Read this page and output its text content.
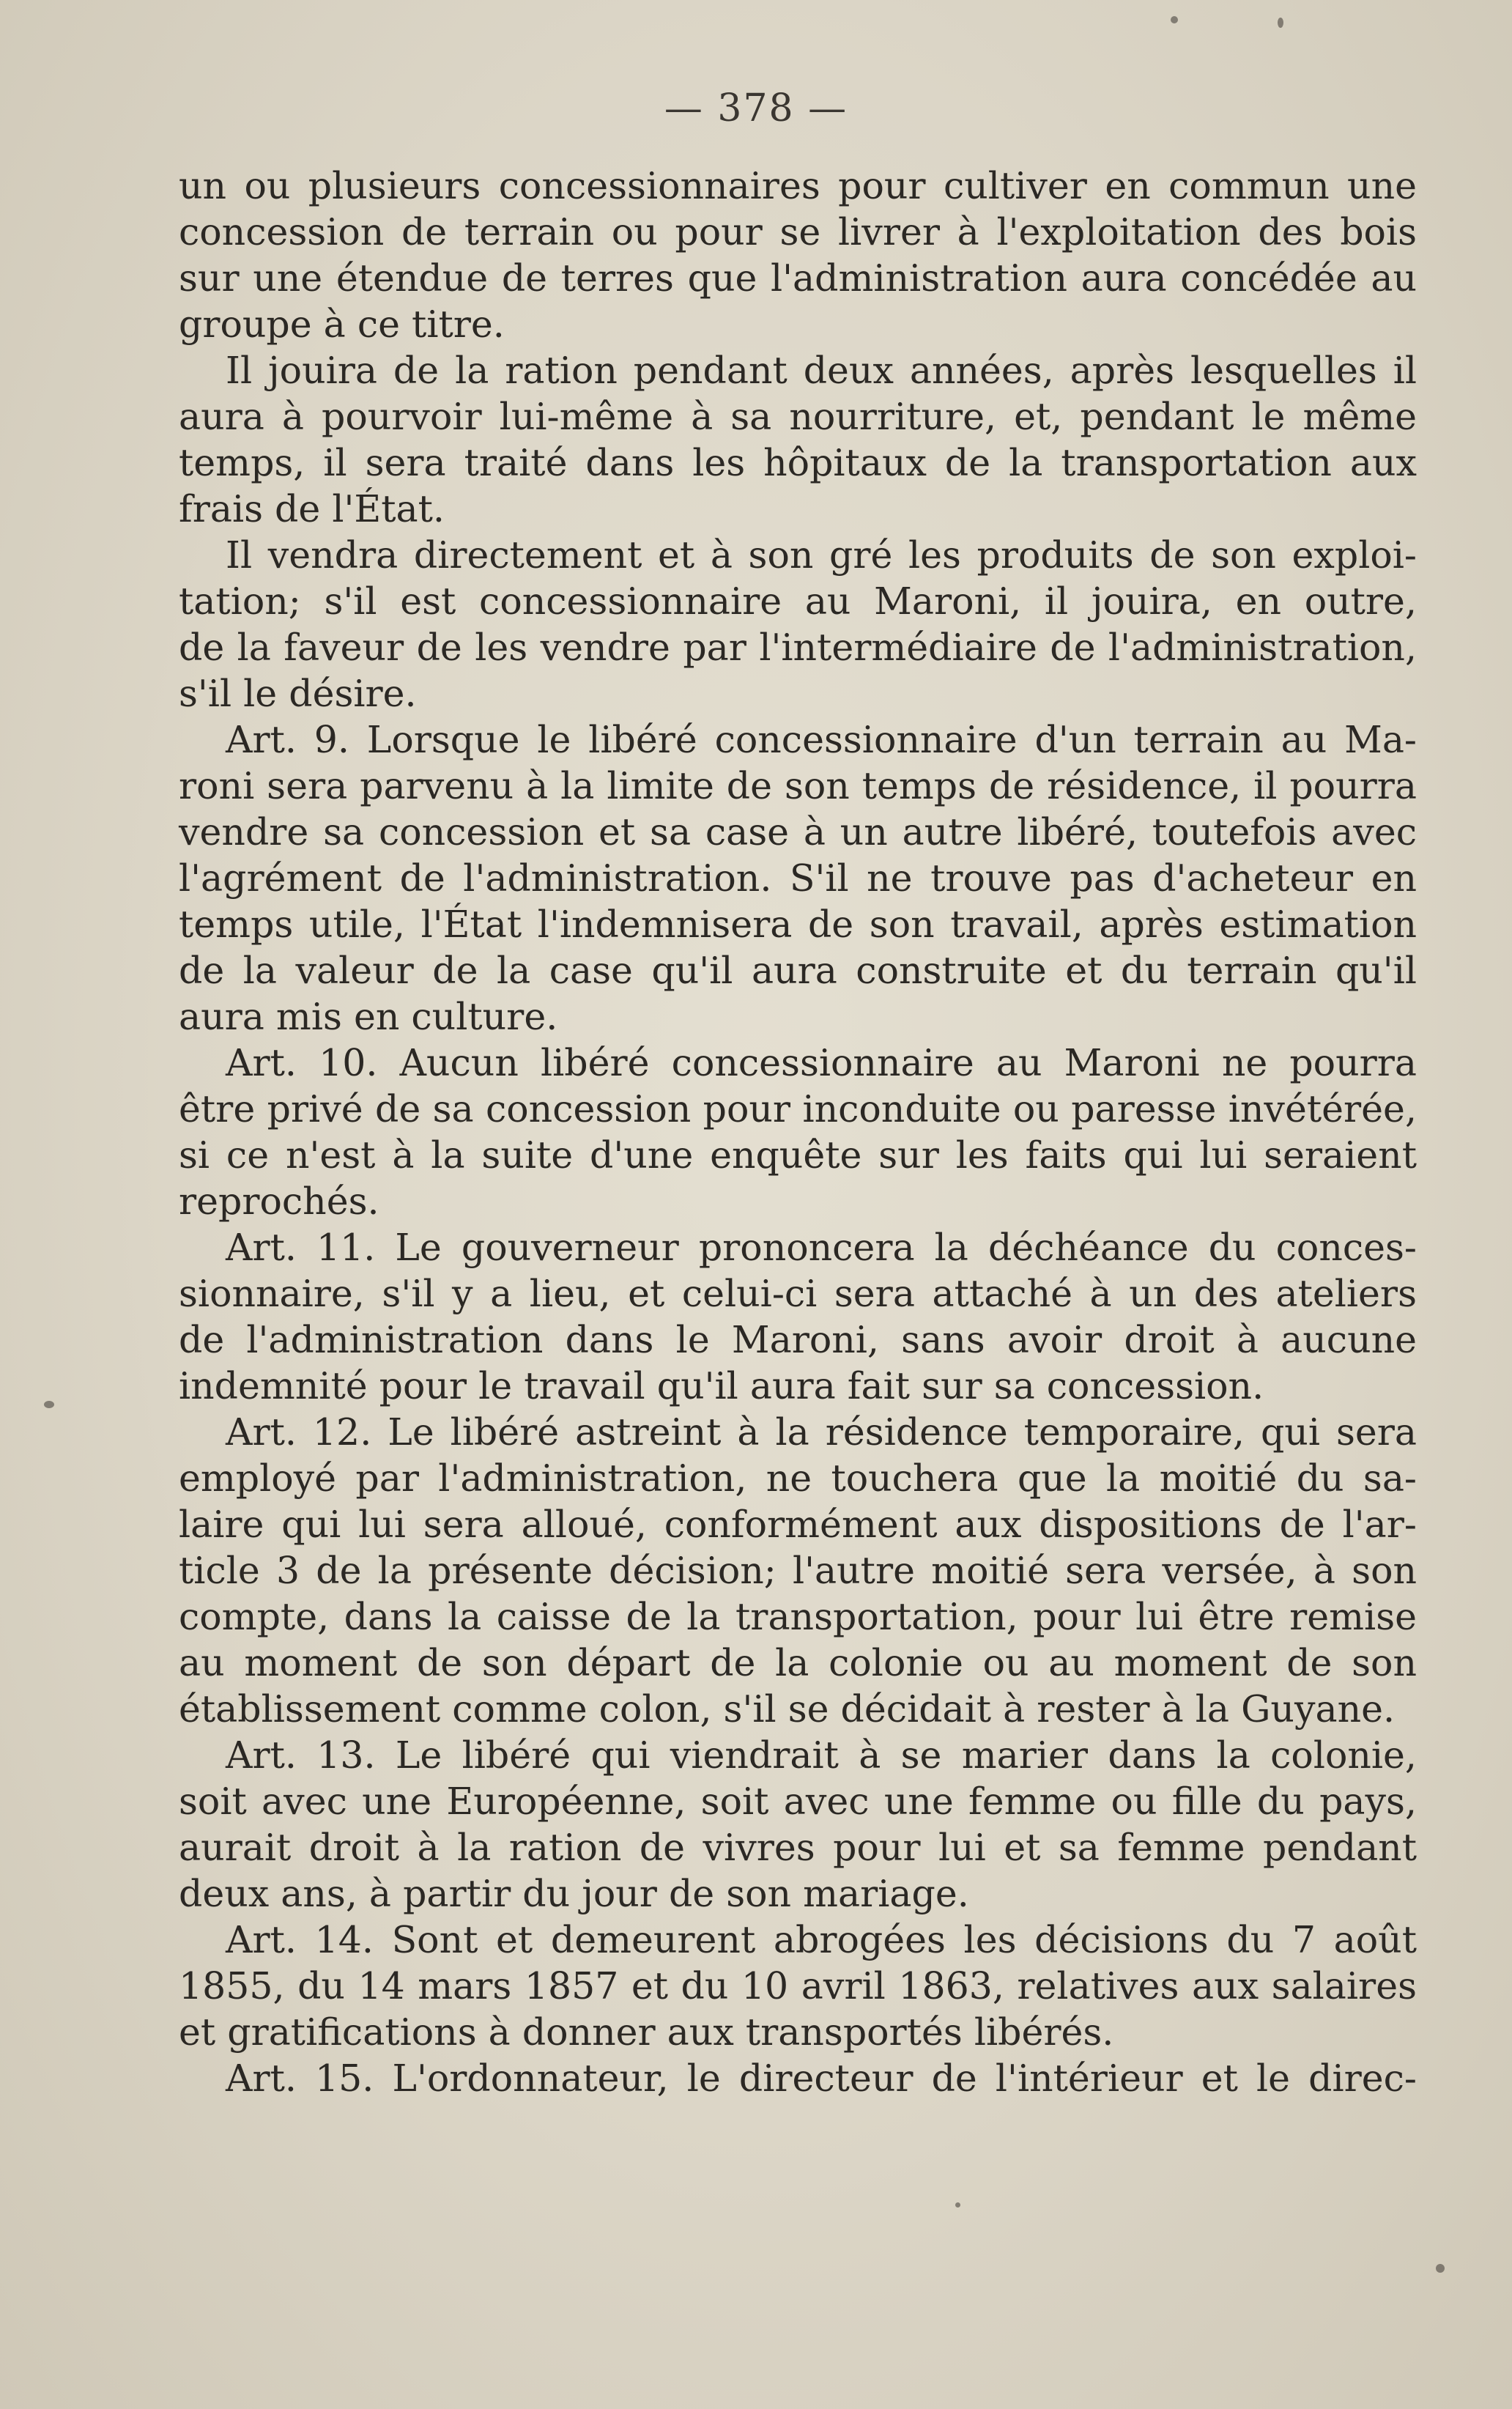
— 378 —
un ou plusieurs concessionnaires pour cultiver en commun une
concession de terrain ou pour se livrer à l'exploitation des bois
sur une étendue de terres que l'administration aura concédée au
groupe à ce titre.
Il jouira de la ration pendant deux années, après lesquelles il
aura à pourvoir lui-même à sa nourriture, et, pendant le même
temps, il sera traité dans les hôpitaux de la transportation aux
frais de l'État.
Il vendra directement et à son gré les produits de son exploi-
tation; s'il est concessionnaire au Maroni, il jouira, en outre,
de la faveur de les vendre par l'intermédiaire de l'administration,
s'il le désire.
Art. 9. Lorsque le libéré concessionnaire d'un terrain au Ma-
roni sera parvenu à la limite de son temps de résidence, il pourra
vendre sa concession et sa case à un autre libéré, toutefois avec
l'agrément de l'administration. S'il ne trouve pas d'acheteur en
temps utile, l'État l'indemnisera de son travail, après estimation
de la valeur de la case qu'il aura construite et du terrain qu'il
aura mis en culture.
Art. 10. Aucun libéré concessionnaire au Maroni ne pourra
être privé de sa concession pour inconduite ou paresse invétérée,
si ce n'est à la suite d'une enquête sur les faits qui lui seraient
reprochés.
Art. 11. Le gouverneur prononcera la déchéance du conces-
sionnaire, s'il y a lieu, et celui-ci sera attaché à un des ateliers
de l'administration dans le Maroni, sans avoir droit à aucune
indemnité pour le travail qu'il aura fait sur sa concession.
Art. 12. Le libéré astreint à la résidence temporaire, qui sera
employé par l'administration, ne touchera que la moitié du sa-
laire qui lui sera alloué, conformément aux dispositions de l'ar-
ticle 3 de la présente décision; l'autre moitié sera versée, à son
compte, dans la caisse de la transportation, pour lui être remise
au moment de son départ de la colonie ou au moment de son
établissement comme colon, s'il se décidait à rester à la Guyane.
Art. 13. Le libéré qui viendrait à se marier dans la colonie,
soit avec une Européenne, soit avec une femme ou fille du pays,
aurait droit à la ration de vivres pour lui et sa femme pendant
deux ans, à partir du jour de son mariage.
Art. 14. Sont et demeurent abrogées les décisions du 7 août
1855, du 14 mars 1857 et du 10 avril 1863, relatives aux salaires
et gratifications à donner aux transportés libérés.
Art. 15. L'ordonnateur, le directeur de l'intérieur et le direc-
